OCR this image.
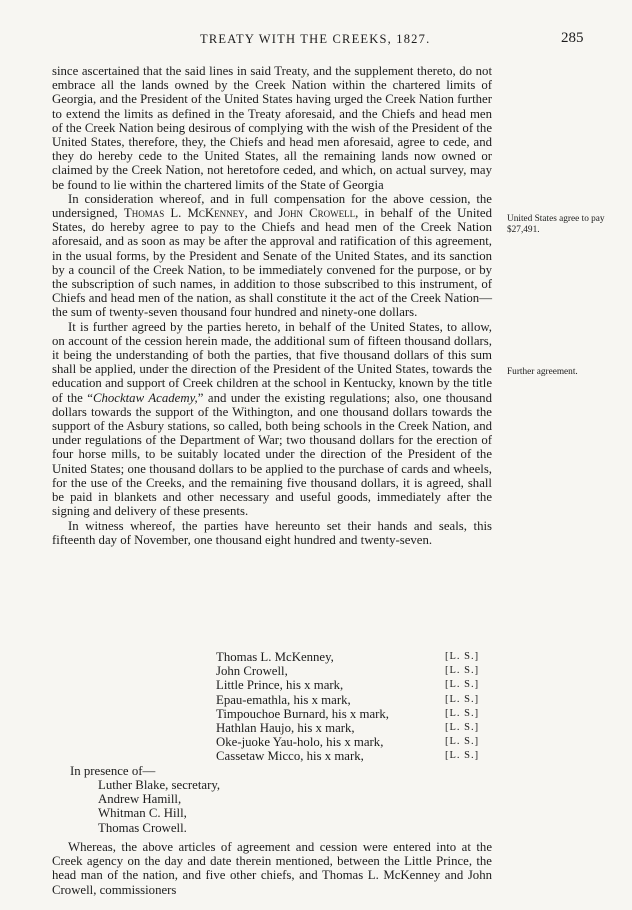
TREATY WITH THE CREEKS, 1827.	285
United States agree to pay $27,491.
Further agreement.

since ascertained that the said lines in said Treaty, and the supplement thereto, do not embrace all the lands owned by the Creek Nation within the chartered limits of Georgia, and the President of the United States having urged the Creek Nation further to extend the limits as defined in the Treaty aforesaid, and the Chiefs and head men of the Creek Nation being desirous of complying with the wish of the President of the United States, therefore, they, the Chiefs and head men aforesaid, agree to cede, and they do hereby cede to the United States, all the remaining lands now owned or claimed by the Creek Nation, not heretofore ceded, and which, on actual survey, may be found to lie within the chartered limits of the State of Georgia

In consideration whereof, and in full compensation for the above cession, the undersigned, Thomas L. McKenney, and John Crowell, in behalf of the United States, do hereby agree to pay to the Chiefs and head men of the Creek Nation aforesaid, and as soon as may be after the approval and ratification of this agreement, in the usual forms, by the President and Senate of the United States, and its sanction by a council of the Creek Nation, to be immediately convened for the purpose, or by the subscription of such names, in addition to those subscribed to this instrument, of Chiefs and head men of the nation, as shall constitute it the act of the Creek Nation—the sum of twenty-seven thousand four hundred and ninety-one dollars.

It is further agreed by the parties hereto, in behalf of the United States, to allow, on account of the cession herein made, the additional sum of fifteen thousand dollars, it being the understanding of both the parties, that five thousand dollars of this sum shall be applied, under the direction of the President of the United States, towards the education and support of Creek children at the school in Kentucky, known by the title of the “Chocktaw Academy,” and under the existing regulations; also, one thousand dollars towards the support of the Withington, and one thousand dollars towards the support of the Asbury stations, so called, both being schools in the Creek Nation, and under regulations of the Department of War; two thousand dollars for the erection of four horse mills, to be suitably located under the direction of the President of the United States; one thousand dollars to be applied to the purchase of cards and wheels, for the use of the Creeks, and the remaining five thousand dollars, it is agreed, shall be paid in blankets and other necessary and useful goods, immediately after the signing and delivery of these presents.

In witness whereof, the parties have hereunto set their hands and seals, this fifteenth day of November, one thousand eight hundred and twenty-seven.

Thomas L. McKenney,	[L. S.]
John Crowell,	[L. S.]
Little Prince, his x mark,	[L. S.]
Epau-emathla, his x mark,	[L. S.]
Timpouchoe Burnard, his x mark,	[L. S.]
Hathlan Haujo, his x mark,	[L. S.]
Oke-juoke Yau-holo, his x mark,	[L. S.]
Cassetaw Micco, his x mark,	[L. S.]
In presence of—
Luther Blake, secretary,
Andrew Hamill,
Whitman C. Hill,
Thomas Crowell.
Whereas, the above articles of agreement and cession were entered into at the Creek agency on the day and date therein mentioned, between the Little Prince, the head man of the nation, and five other chiefs, and Thomas L. McKenney and John Crowell, commissioners
